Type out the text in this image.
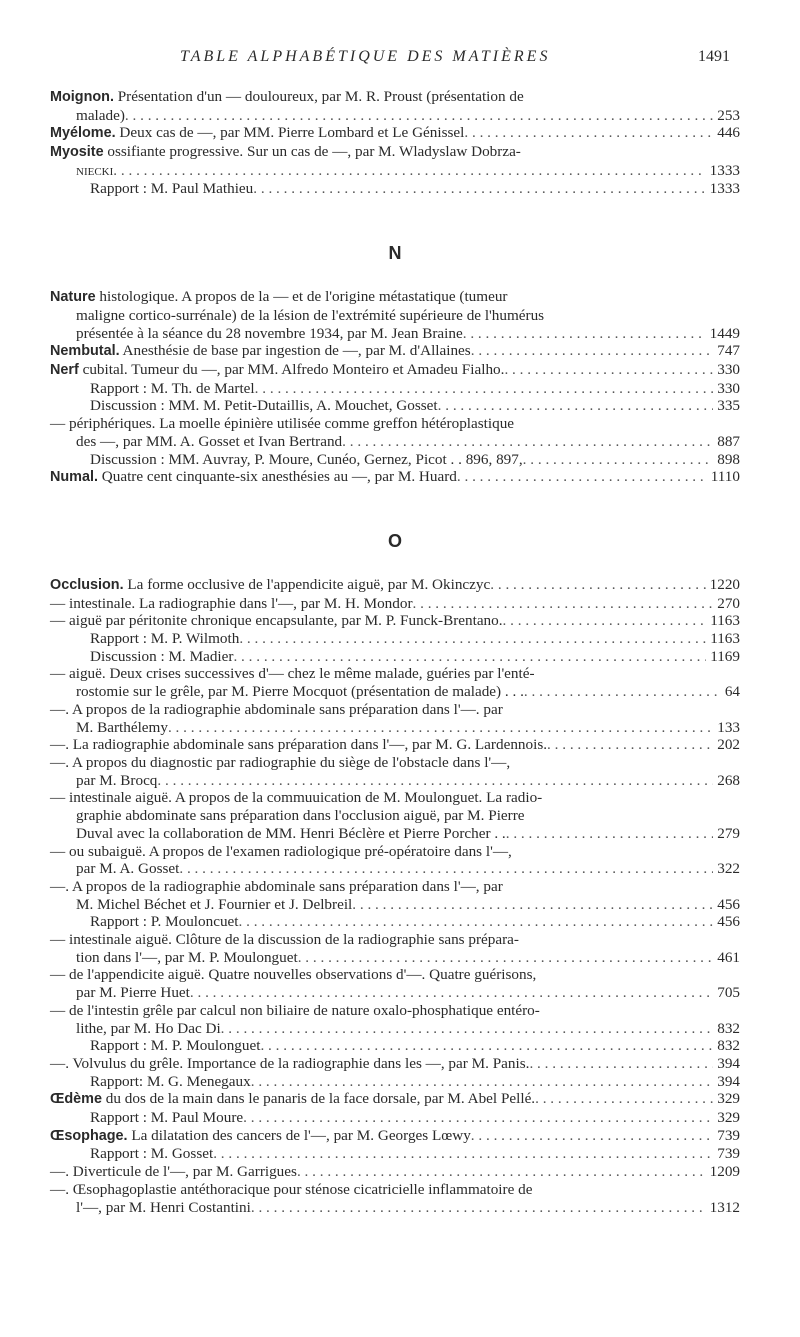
TABLE ALPHABÉTIQUE DES MATIÈRES	1491
Moignon. Présentation d'un — douloureux, par M. R. Proust (présentation de
malade) . . .	253
Myélome. Deux cas de —, par MM. Pierre Lombard et Le Génissel . . .	446
Myosite ossifiante progressive. Sur un cas de —, par M. Wladyslaw Dobrza-
niecki . . .	1333
Rapport : M. Paul Mathieu . . .	1333

N

Nature histologique. A propos de la — et de l'origine métastatique (tumeur
maligne cortico-surrénale) de la lésion de l'extrémité supérieure de l'humérus
présentée à la séance du 28 novembre 1934, par M. Jean Braine . . .	1449
Nembutal. Anesthésie de base par ingestion de —, par M. d'Allaines . . .	747
Nerf cubital. Tumeur du —, par MM. Alfredo Monteiro et Amadeu Fialho. . . .	330
Rapport : M. Th. de Martel . . .	330
Discussion : MM. M. Petit-Dutaillis, A. Mouchet, Gosset . . .	335
— périphériques. La moelle épinière utilisée comme greffon hétéroplastique
des —, par MM. A. Gosset et Ivan Bertrand . . .	887
Discussion : MM. Auvray, P. Moure, Cunéo, Gernez, Picot . . 896, 897, . . .	898
Numal. Quatre cent cinquante-six anesthésies au —, par M. Huard . . .	1110

O

Occlusion. La forme occlusive de l'appendicite aiguë, par M. Okinczyc . . .	1220
— intestinale. La radiographie dans l'—, par M. H. Mondor . . .	270
— aiguë par péritonite chronique encapsulante, par M. P. Funck-Brentano. . . .	1163
Rapport : M. P. Wilmoth . . .	1163
Discussion : M. Madier . . .	1169
— aiguë. Deux crises successives d'— chez le même malade, guéries par l'enté-
rostomie sur le grêle, par M. Pierre Mocquot (présentation de malade) . . . . . .	64
—. A propos de la radiographie abdominale sans préparation dans l'—. par
M. Barthélemy . . .	133
—. La radiographie abdominale sans préparation dans l'—, par M. G. Lardennois. . . .	202
—. A propos du diagnostic par radiographie du siège de l'obstacle dans l'—,
par M. Brocq . . .	268
— intestinale aiguë. A propos de la commuuication de M. Moulonguet. La radio-
graphie abdominate sans préparation dans l'occlusion aiguë, par M. Pierre
Duval avec la collaboration de MM. Henri Béclère et Pierre Porcher . . . . .	279
— ou subaiguë. A propos de l'examen radiologique pré-opératoire dans l'—,
par M. A. Gosset . . .	322
—. A propos de la radiographie abdominale sans préparation dans l'—, par
M. Michel Béchet et J. Fournier et J. Delbreil . . .	456
Rapport : P. Mouloncuet . . .	456
— intestinale aiguë. Clôture de la discussion de la radiographie sans prépara-
tion dans l'—, par M. P. Moulonguet . . .	461
— de l'appendicite aiguë. Quatre nouvelles observations d'—. Quatre guérisons,
par M. Pierre Huet . . .	705
— de l'intestin grêle par calcul non biliaire de nature oxalo-phosphatique entéro-
lithe, par M. Ho Dac Di . . .	832
Rapport : M. P. Moulonguet . . .	832
—. Volvulus du grêle. Importance de la radiographie dans les —, par M. Panis. . . .	394
Rapport: M. G. Menegaux . . .	394
Œdème du dos de la main dans le panaris de la face dorsale, par M. Abel Pellé. . . .	329
Rapport : M. Paul Moure . . .	329
Œsophage. La dilatation des cancers de l'—, par M. Georges Lœwy . . .	739
Rapport : M. Gosset . . .	739
—. Diverticule de l'—, par M. Garrigues . . .	1209
—. Œsophagoplastie antéthoracique pour sténose cicatricielle inflammatoire de
l'—, par M. Henri Costantini . . .	1312
